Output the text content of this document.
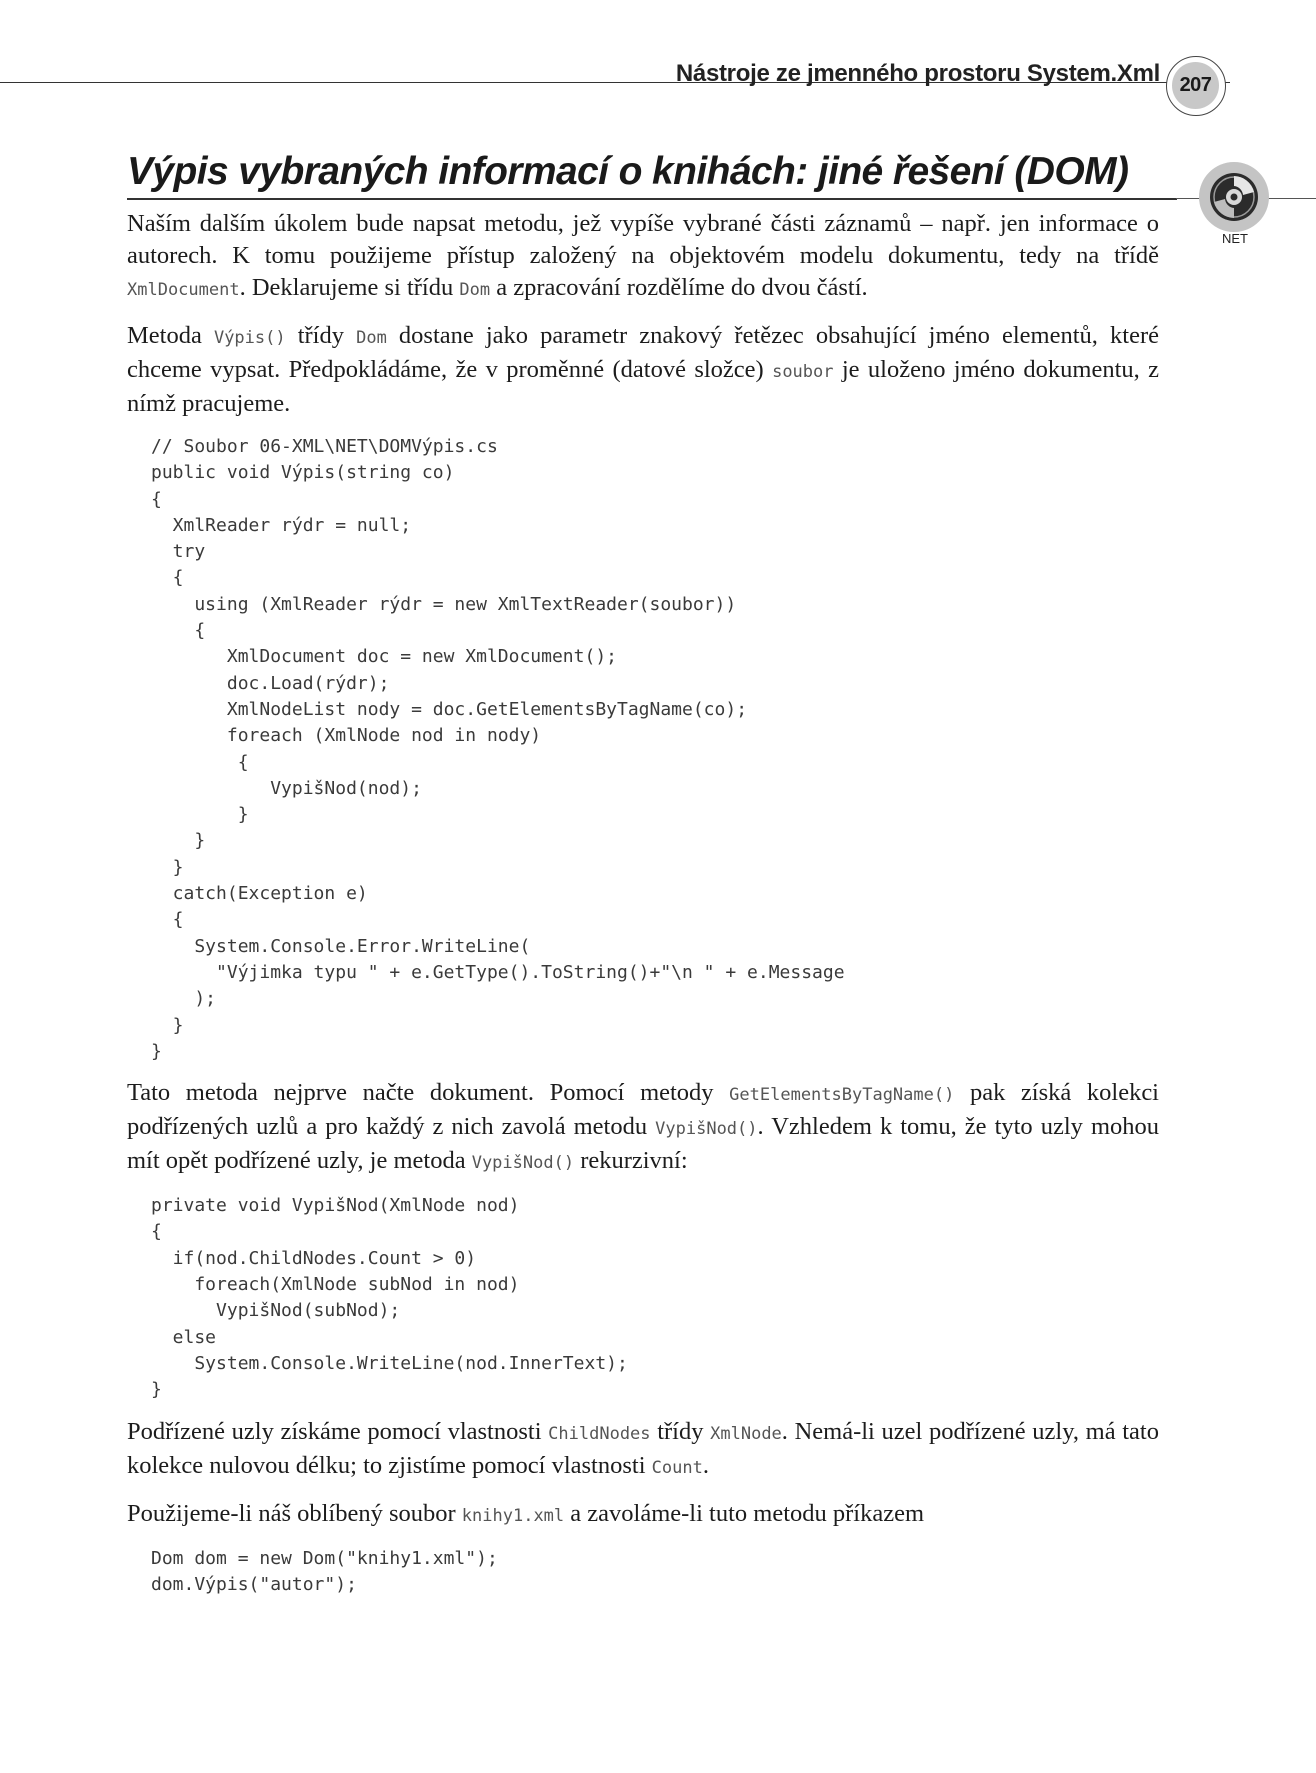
Nástroje ze jmenného prostoru System.Xml 207
Výpis vybraných informací o knihách: jiné řešení (DOM)
NET

Naším dalším úkolem bude napsat metodu, jež vypíše vybrané části záznamů – např. jen informace o autorech. K tomu použijeme přístup založený na objektovém modelu dokumentu, tedy na třídě XmlDocument. Deklarujeme si třídu Dom a zpracování rozdělíme do dvou částí.

Metoda Výpis() třídy Dom dostane jako parametr znakový řetězec obsahující jméno elementů, které chceme vypsat. Předpokládáme, že v proměnné (datové složce) soubor je uloženo jméno dokumentu, z nímž pracujeme.

// Soubor 06-XML\NET\DOMVýpis.cs
public void Výpis(string co)
{
XmlReader rýdr = null;
try
{
using (XmlReader rýdr = new XmlTextReader(soubor))
{
XmlDocument doc = new XmlDocument();
doc.Load(rýdr);
XmlNodeList nody = doc.GetElementsByTagName(co);
foreach (XmlNode nod in nody)
{
VypišNod(nod);
}
}
}
catch(Exception e)
{
System.Console.Error.WriteLine(
"Výjimka typu " + e.GetType().ToString()+"\n " + e.Message
);
}
}

Tato metoda nejprve načte dokument. Pomocí metody GetElementsByTagName() pak získá kolekci podřízených uzlů a pro každý z nich zavolá metodu VypišNod(). Vzhledem k tomu, že tyto uzly mohou mít opět podřízené uzly, je metoda VypišNod() rekurzivní:

private void VypišNod(XmlNode nod)
{
if(nod.ChildNodes.Count > 0)
foreach(XmlNode subNod in nod)
VypišNod(subNod);
else
System.Console.WriteLine(nod.InnerText);
}

Podřízené uzly získáme pomocí vlastnosti ChildNodes třídy XmlNode. Nemá-li uzel podřízené uzly, má tato kolekce nulovou délku; to zjistíme pomocí vlastnosti Count.

Použijeme-li náš oblíbený soubor knihy1.xml a zavoláme-li tuto metodu příkazem

Dom dom = new Dom("knihy1.xml");
dom.Výpis("autor");
